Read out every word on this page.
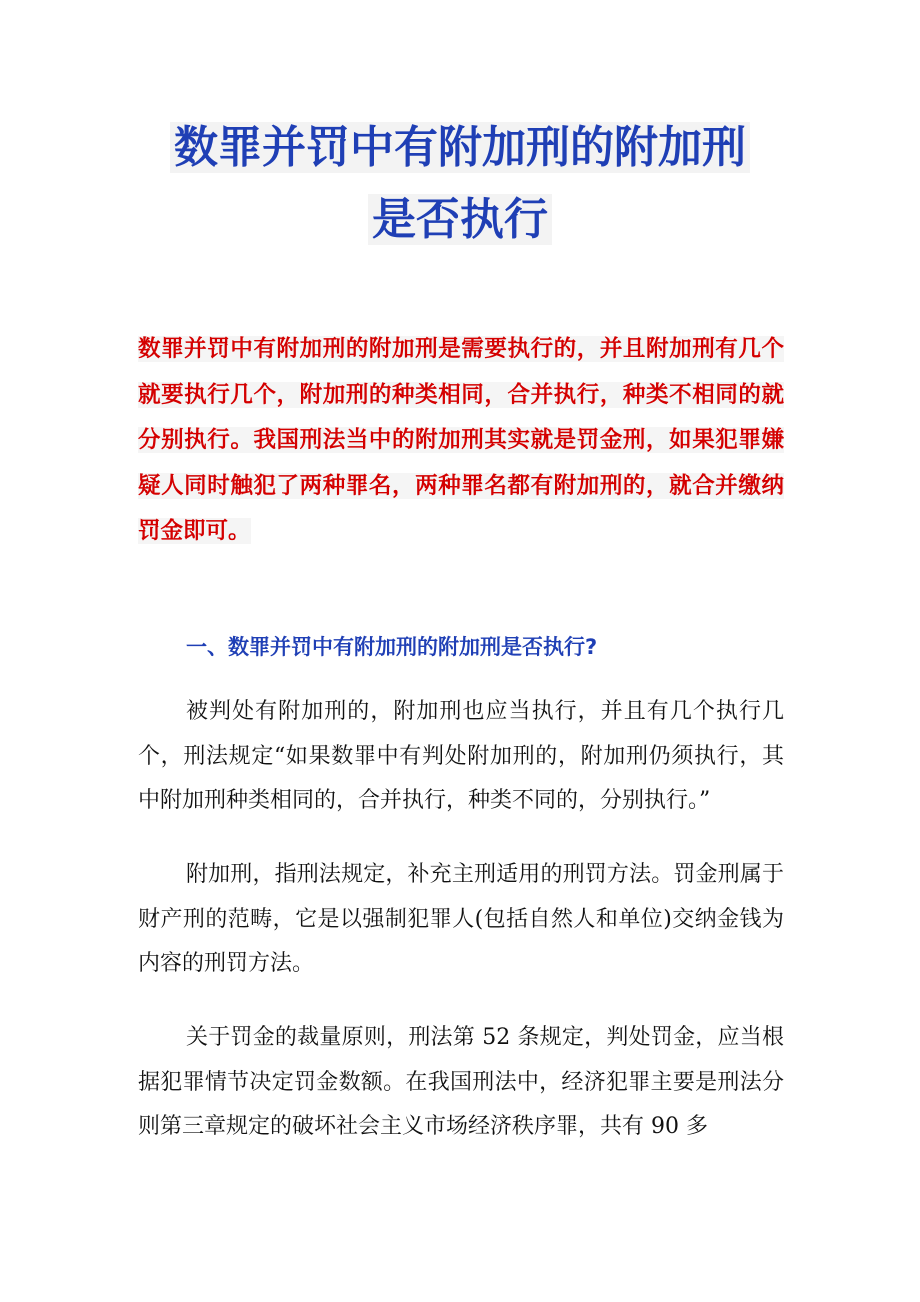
数罪并罚中有附加刑的附加刑
是否执行

数罪并罚中有附加刑的附加刑是需要执行的，并且附加刑有几个就要执行几个，附加刑的种类相同，合并执行，种类不相同的就分别执行。我国刑法当中的附加刑其实就是罚金刑，如果犯罪嫌疑人同时触犯了两种罪名，两种罪名都有附加刑的，就合并缴纳罚金即可。

一、数罪并罚中有附加刑的附加刑是否执行?

被判处有附加刑的，附加刑也应当执行，并且有几个执行几个，刑法规定“如果数罪中有判处附加刑的，附加刑仍须执行，其中附加刑种类相同的，合并执行，种类不同的，分别执行。”

附加刑，指刑法规定，补充主刑适用的刑罚方法。罚金刑属于财产刑的范畴，它是以强制犯罪人(包括自然人和单位)交纳金钱为内容的刑罚方法。

关于罚金的裁量原则，刑法第 52 条规定，判处罚金，应当根据犯罪情节决定罚金数额。在我国刑法中，经济犯罪主要是刑法分则第三章规定的破坏社会主义市场经济秩序罪，共有 90 多
